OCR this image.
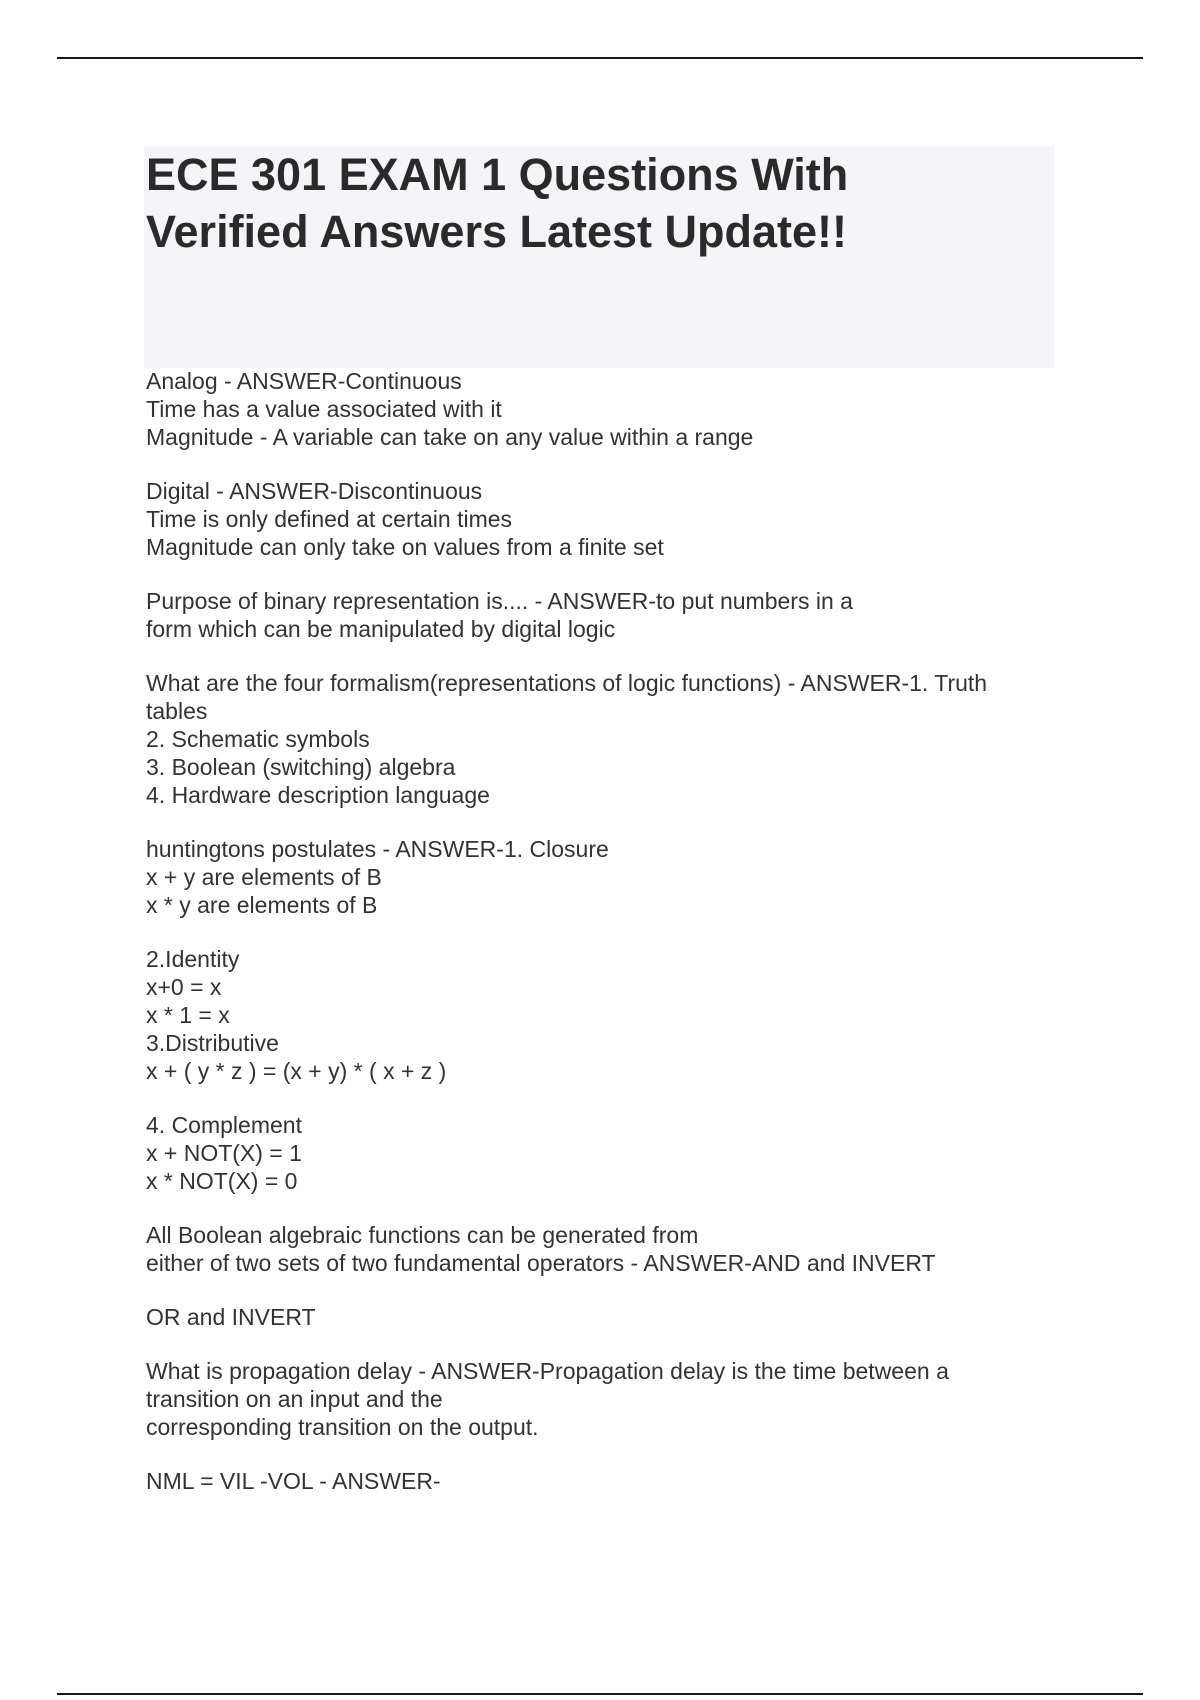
ECE 301 EXAM 1 Questions With
Verified Answers Latest Update!!
Analog - ANSWER-Continuous
Time has a value associated with it
Magnitude - A variable can take on any value within a range
Digital - ANSWER-Discontinuous
Time is only defined at certain times
Magnitude can only take on values from a finite set
Purpose of binary representation is.... - ANSWER-to put numbers in a
form which can be manipulated by digital logic
What are the four formalism(representations of logic functions) - ANSWER-1. Truth
tables
2. Schematic symbols
3. Boolean (switching) algebra
4. Hardware description language
huntingtons postulates - ANSWER-1. Closure
x + y are elements of B
x * y are elements of B
2.Identity
x+0 = x
x * 1 = x
3.Distributive
x + ( y * z ) = (x + y) * ( x + z )
4. Complement
x + NOT(X) = 1
x * NOT(X) = 0
All Boolean algebraic functions can be generated from
either of two sets of two fundamental operators - ANSWER-AND and INVERT
OR and INVERT
What is propagation delay - ANSWER-Propagation delay is the time between a
transition on an input and the
corresponding transition on the output.
NML = VIL -VOL - ANSWER-
